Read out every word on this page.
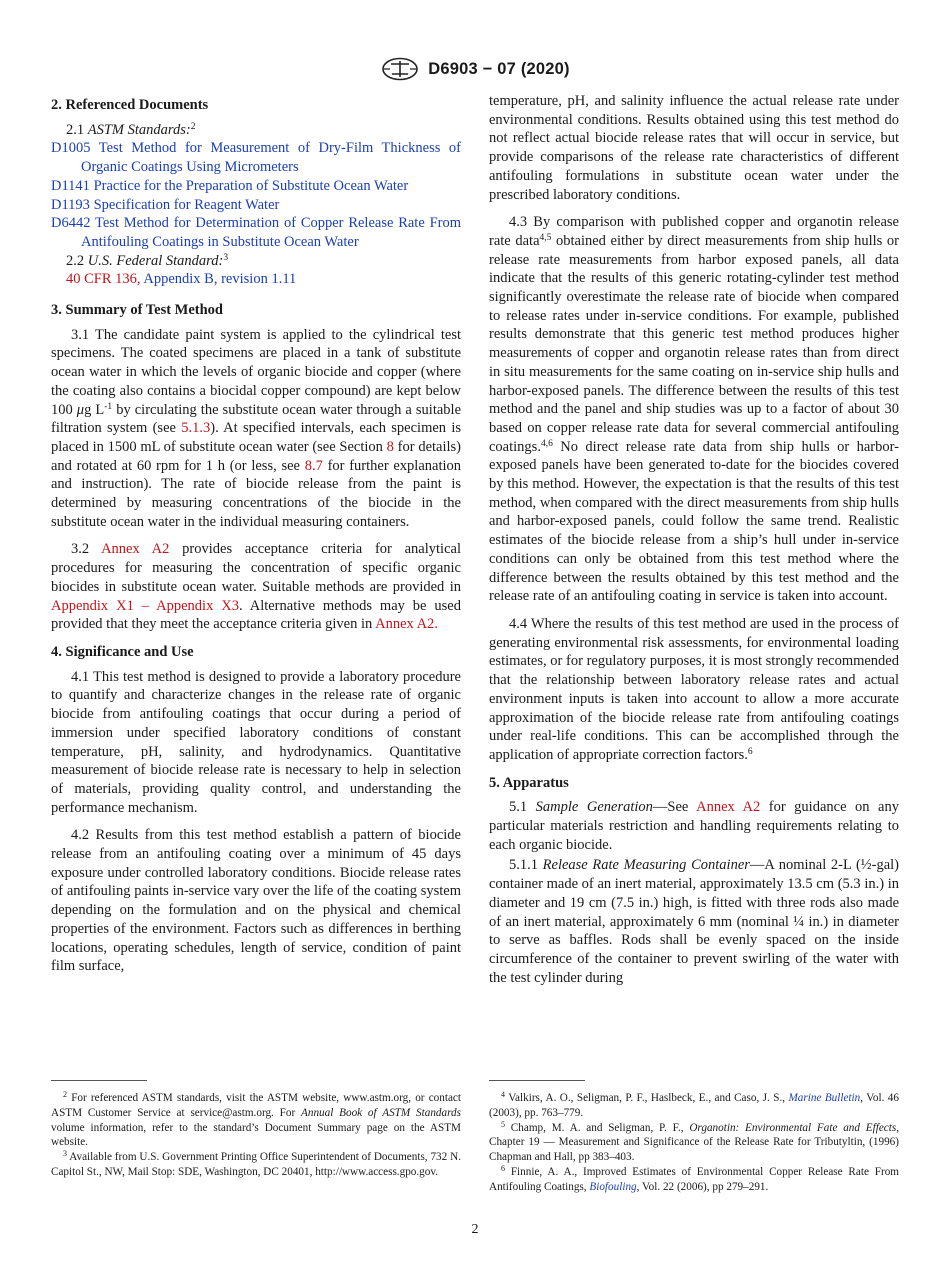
D6903 − 07 (2020)
2. Referenced Documents
2.1 ASTM Standards:$^2$
D1005 Test Method for Measurement of Dry-Film Thickness of Organic Coatings Using Micrometers
D1141 Practice for the Preparation of Substitute Ocean Water
D1193 Specification for Reagent Water
D6442 Test Method for Determination of Copper Release Rate From Antifouling Coatings in Substitute Ocean Water
2.2 U.S. Federal Standard:$^3$
40 CFR 136, Appendix B, revision 1.11
3. Summary of Test Method

3.1 The candidate paint system is applied to the cylindrical test specimens. The coated specimens are placed in a tank of substitute ocean water in which the levels of organic biocide and copper (where the coating also contains a biocidal copper compound) are kept below 100 μg $L^{-1}$ by circulating the substitute ocean water through a suitable filtration system (see 5.1.3). At specified intervals, each specimen is placed in 1500 mL of substitute ocean water (see Section 8 for details) and rotated at 60 rpm for 1 h (or less, see 8.7 for further explanation and instruction). The rate of biocide release from the paint is determined by measuring concentrations of the biocide in the substitute ocean water in the individual measuring containers.

3.2 Annex A2 provides acceptance criteria for analytical procedures for measuring the concentration of specific organic biocides in substitute ocean water. Suitable methods are provided in Appendix X1 – Appendix X3. Alternative methods may be used provided that they meet the acceptance criteria given in Annex A2.

4. Significance and Use

4.1 This test method is designed to provide a laboratory procedure to quantify and characterize changes in the release rate of organic biocide from antifouling coatings that occur during a period of immersion under specified laboratory conditions of constant temperature, pH, salinity, and hydrodynamics. Quantitative measurement of biocide release rate is necessary to help in selection of materials, providing quality control, and understanding the performance mechanism.

4.2 Results from this test method establish a pattern of biocide release from an antifouling coating over a minimum of 45 days exposure under controlled laboratory conditions. Biocide release rates of antifouling paints in-service vary over the life of the coating system depending on the formulation and on the physical and chemical properties of the environment. Factors such as differences in berthing locations, operating schedules, length of service, condition of paint film surface,

temperature, pH, and salinity influence the actual release rate under environmental conditions. Results obtained using this test method do not reflect actual biocide release rates that will occur in service, but provide comparisons of the release rate characteristics of different antifouling formulations in substitute ocean water under the prescribed laboratory conditions.

4.3 By comparison with published copper and organotin release rate data$^{4,5}$ obtained either by direct measurements from ship hulls or release rate measurements from harbor exposed panels, all data indicate that the results of this generic rotating-cylinder test method significantly overestimate the release rate of biocide when compared to release rates under in-service conditions. For example, published results demonstrate that this generic test method produces higher measurements of copper and organotin release rates than from direct in situ measurements for the same coating on in-service ship hulls and harbor-exposed panels. The difference between the results of this test method and the panel and ship studies was up to a factor of about 30 based on copper release rate data for several commercial antifouling coatings.$^{4,6}$ No direct release rate data from ship hulls or harbor-exposed panels have been generated to-date for the biocides covered by this method. However, the expectation is that the results of this test method, when compared with the direct measurements from ship hulls and harbor-exposed panels, could follow the same trend. Realistic estimates of the biocide release from a ship’s hull under in-service conditions can only be obtained from this test method where the difference between the results obtained by this test method and the release rate of an antifouling coating in service is taken into account.

4.4 Where the results of this test method are used in the process of generating environmental risk assessments, for environmental loading estimates, or for regulatory purposes, it is most strongly recommended that the relationship between laboratory release rates and actual environment inputs is taken into account to allow a more accurate approximation of the biocide release rate from antifouling coatings under real-life conditions. This can be accomplished through the application of appropriate correction factors.$^6$

5. Apparatus

5.1 Sample Generation—See Annex A2 for guidance on any particular materials restriction and handling requirements relating to each organic biocide.

5.1.1 Release Rate Measuring Container—A nominal 2-L (½-gal) container made of an inert material, approximately 13.5 cm (5.3 in.) in diameter and 19 cm (7.5 in.) high, is fitted with three rods also made of an inert material, approximately 6 mm (nominal ¼ in.) in diameter to serve as baffles. Rods shall be evenly spaced on the inside circumference of the container to prevent swirling of the water with the test cylinder during

$^2$ For referenced ASTM standards, visit the ASTM website, www.astm.org, or contact ASTM Customer Service at service@astm.org. For Annual Book of ASTM Standards volume information, refer to the standard’s Document Summary page on the ASTM website.

$^3$ Available from U.S. Government Printing Office Superintendent of Documents, 732 N. Capitol St., NW, Mail Stop: SDE, Washington, DC 20401, http://www.access.gpo.gov.

$^4$ Valkirs, A. O., Seligman, P. F., Haslbeck, E., and Caso, J. S., Marine Bulletin, Vol. 46 (2003), pp. 763–779.

$^5$ Champ, M. A. and Seligman, P. F., Organotin: Environmental Fate and Effects, Chapter 19 — Measurement and Significance of the Release Rate for Tributyltin, (1996) Chapman and Hall, pp 383–403.

$^6$ Finnie, A. A., Improved Estimates of Environmental Copper Release Rate From Antifouling Coatings, Biofouling, Vol. 22 (2006), pp 279–291.

2
